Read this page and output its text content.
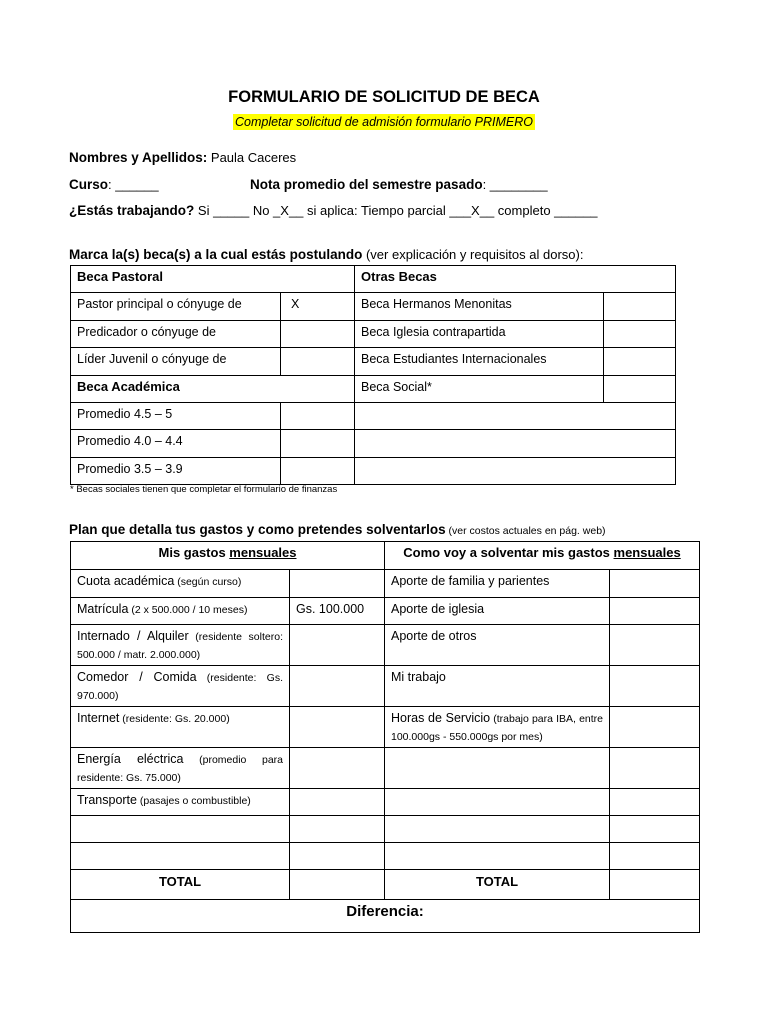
FORMULARIO DE SOLICITUD DE BECA
Completar solicitud de admisión formulario PRIMERO
Nombres y Apellidos: Paula Caceres
Curso: ______	Nota promedio del semestre pasado: ________
¿Estás trabajando? Si _____ No _X__ si aplica: Tiempo parcial ___X__ completo ______
Marca la(s) beca(s) a la cual estás postulando (ver explicación y requisitos al dorso):
Beca Pastoral		Otras Becas	
Pastor principal o cónyuge de	X	Beca Hermanos Menonitas	
Predicador o cónyuge de		Beca Iglesia contrapartida	
Líder Juvenil o cónyuge de		Beca Estudiantes Internacionales	
Beca Académica		Beca Social*	
Promedio 4.5 – 5			
Promedio 4.0 – 4.4			
Promedio 3.5 – 3.9			
* Becas sociales tienen que completar el formulario de finanzas
Plan que detalla tus gastos y como pretendes solventarlos (ver costos actuales en pág. web)
Mis gastos mensuales		Como voy a solventar mis gastos mensuales	
Cuota académica (según curso)		Aporte de familia y parientes	
Matrícula (2 x 500.000 / 10 meses)	Gs. 100.000	Aporte de iglesia	
Internado / Alquiler (residente soltero: 500.000 / matr. 2.000.000)		Aporte de otros	
Comedor / Comida (residente: Gs. 970.000)		Mi trabajo	
Internet (residente: Gs. 20.000)		Horas de Servicio (trabajo para IBA, entre 100.000gs - 550.000gs por mes)	
Energía eléctrica (promedio para residente: Gs. 75.000)			
Transporte (pasajes o combustible)			

TOTAL		TOTAL	
Diferencia:			
